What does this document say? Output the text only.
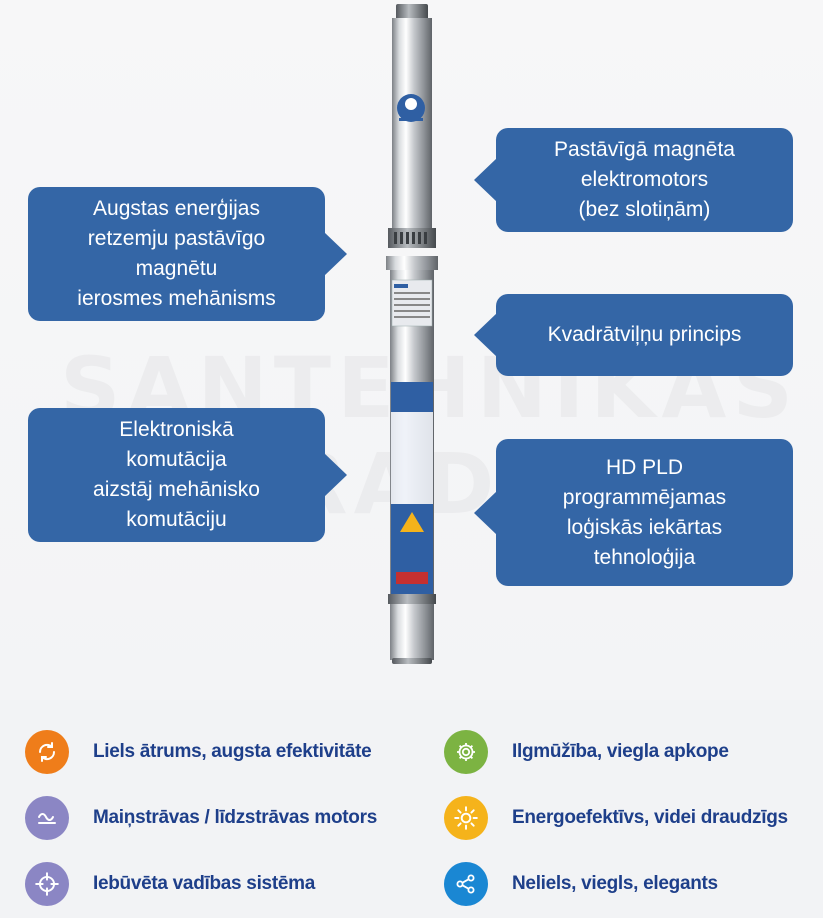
Augstas enerģijas
retzemju pastāvīgo
magnētu
ierosmes mehānisms
Elektroniskā
komutācija
aizstāj mehānisko
komutāciju
Pastāvīgā magnēta
elektromotors
(bez slotiņām)
Kvadrātviļņu princips
HD PLD
programmējamas
loģiskās iekārtas
tehnoloģija
Liels ātrums, augsta efektivitāte	Ilgmūžība, viegla apkope
Maiņstrāvas / līdzstrāvas motors	Energoefektīvs, videi draudzīgs
Iebūvēta vadības sistēma	Neliels, viegls, elegants
